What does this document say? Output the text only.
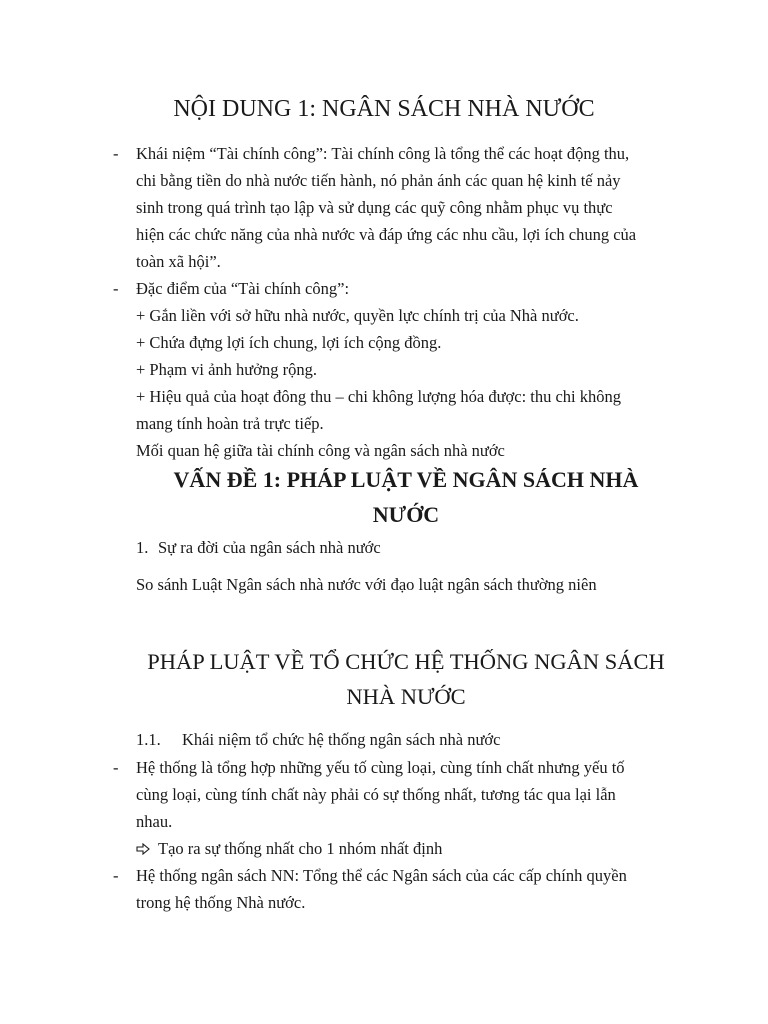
NỘI DUNG 1: NGÂN SÁCH NHÀ NƯỚC
- Khái niệm “Tài chính công”: Tài chính công là tổng thể các hoạt động thu,
chi bằng tiền do nhà nước tiến hành, nó phản ánh các quan hệ kinh tế nảy
sinh trong quá trình tạo lập và sử dụng các quỹ công nhằm phục vụ thực
hiện các chức năng của nhà nước và đáp ứng các nhu cầu, lợi ích chung của
toàn xã hội”.
- Đặc điểm của “Tài chính công”:
+ Gắn liền với sở hữu nhà nước, quyền lực chính trị của Nhà nước.
+ Chứa đựng lợi ích chung, lợi ích cộng đồng.
+ Phạm vi ảnh hưởng rộng.
+ Hiệu quả của hoạt đông thu – chi không lượng hóa được: thu chi không
mang tính hoàn trả trực tiếp.
Mối quan hệ giữa tài chính công và ngân sách nhà nước
VẤN ĐỀ 1: PHÁP LUẬT VỀ NGÂN SÁCH NHÀ
NƯỚC
1. Sự ra đời của ngân sách nhà nước
So sánh Luật Ngân sách nhà nước với đạo luật ngân sách thường niên
PHÁP LUẬT VỀ TỔ CHỨC HỆ THỐNG NGÂN SÁCH
NHÀ NƯỚC
1.1. Khái niệm tổ chức hệ thống ngân sách nhà nước
- Hệ thống là tổng hợp những yếu tố cùng loại, cùng tính chất nhưng yếu tố
cùng loại, cùng tính chất này phải có sự thống nhất, tương tác qua lại lẫn
nhau.
Tạo ra sự thống nhất cho 1 nhóm nhất định
- Hệ thống ngân sách NN: Tổng thể các Ngân sách của các cấp chính quyền
trong hệ thống Nhà nước.
